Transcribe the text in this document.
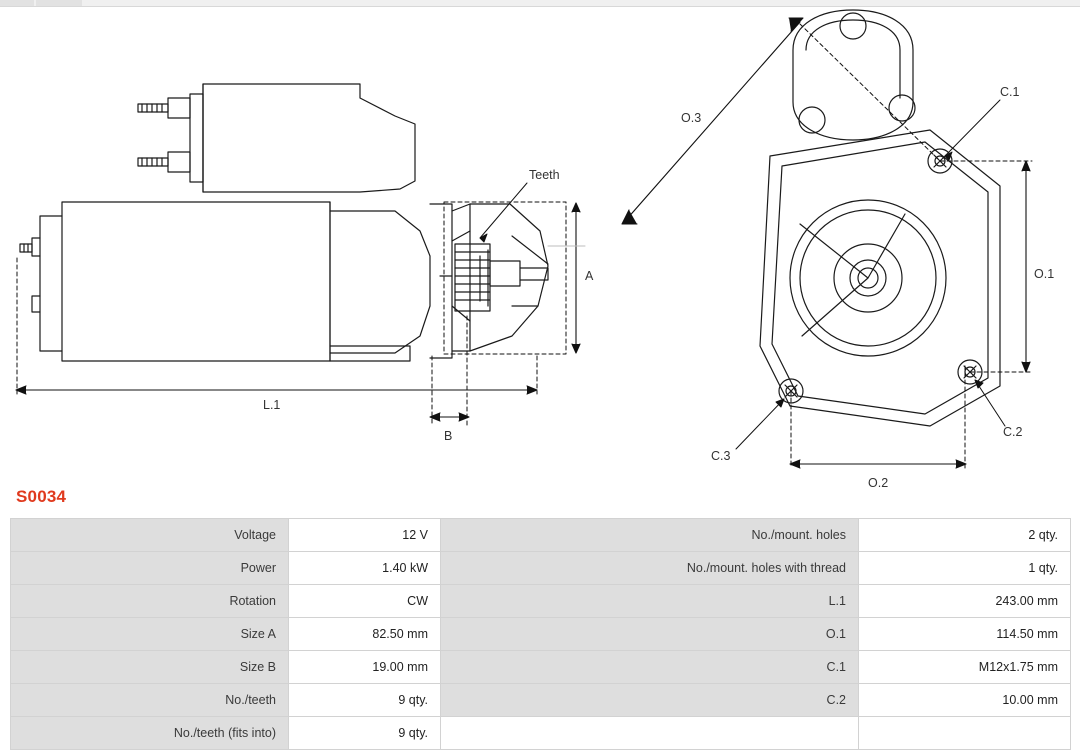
Teeth
A
L.1
B
O.1
O.2
O.3
C.1
C.2
C.3
S0034
Voltage	12 V	No./mount. holes	2 qty.
Power	1.40 kW	No./mount. holes with thread	1 qty.
Rotation	CW	L.1	243.00 mm
Size A	82.50 mm	O.1	114.50 mm
Size B	19.00 mm	C.1	M12x1.75 mm
No./teeth	9 qty.	C.2	10.00 mm
No./teeth (fits into)	9 qty.		
